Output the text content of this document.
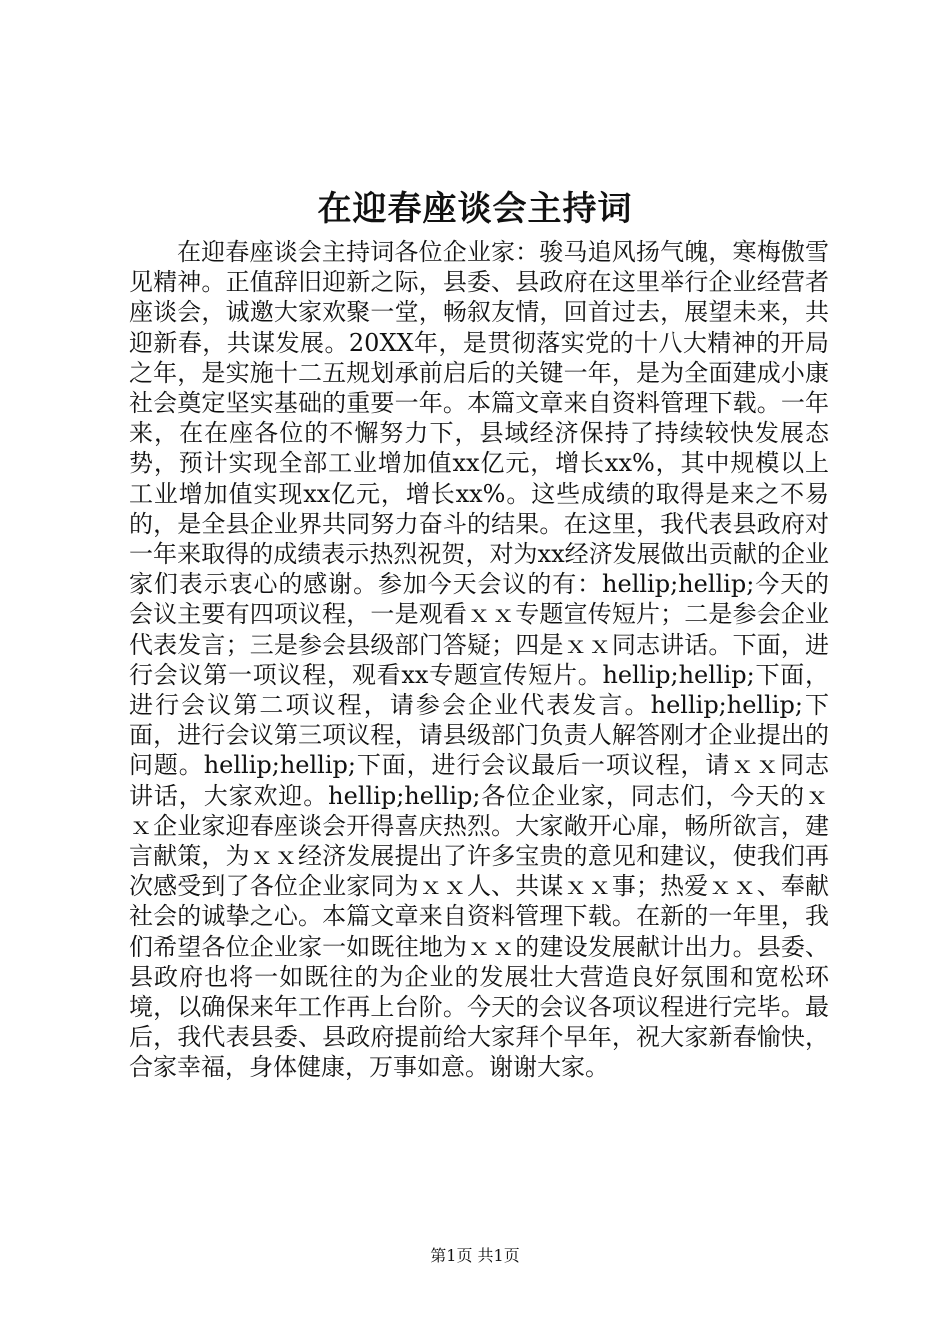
在迎春座谈会主持词

在迎春座谈会主持词各位企业家：骏马追风扬气魄，寒梅傲雪见精神。正值辞旧迎新之际，县委、县政府在这里举行企业经营者座谈会，诚邀大家欢聚一堂，畅叙友情，回首过去，展望未来，共迎新春，共谋发展。20XX年，是贯彻落实党的十八大精神的开局之年，是实施十二五规划承前启后的关键一年，是为全面建成小康社会奠定坚实基础的重要一年。本篇文章来自资料管理下载。一年来，在在座各位的不懈努力下，县域经济保持了持续较快发展态势，预计实现全部工业增加值xx亿元，增长xx%，其中规模以上工业增加值实现xx亿元，增长xx%。这些成绩的取得是来之不易的，是全县企业界共同努力奋斗的结果。在这里，我代表县政府对一年来取得的成绩表示热烈祝贺，对为xx经济发展做出贡献的企业家们表示衷心的感谢。参加今天会议的有：hellip;hellip;今天的会议主要有四项议程，一是观看ｘｘ专题宣传短片；二是参会企业代表发言；三是参会县级部门答疑；四是ｘｘ同志讲话。下面，进行会议第一项议程，观看xx专题宣传短片。hellip;hellip;下面，进行会议第二项议程，请参会企业代表发言。hellip;hellip;下面，进行会议第三项议程，请县级部门负责人解答刚才企业提出的问题。hellip;hellip;下面，进行会议最后一项议程，请ｘｘ同志讲话，大家欢迎。hellip;hellip;各位企业家，同志们，今天的ｘｘ企业家迎春座谈会开得喜庆热烈。大家敞开心扉，畅所欲言，建言献策，为ｘｘ经济发展提出了许多宝贵的意见和建议，使我们再次感受到了各位企业家同为ｘｘ人、共谋ｘｘ事；热爱ｘｘ、奉献社会的诚挚之心。本篇文章来自资料管理下载。在新的一年里，我们希望各位企业家一如既往地为ｘｘ的建设发展献计出力。县委、县政府也将一如既往的为企业的发展壮大营造良好氛围和宽松环境，以确保来年工作再上台阶。今天的会议各项议程进行完毕。最后，我代表县委、县政府提前给大家拜个早年，祝大家新春愉快，合家幸福，身体健康，万事如意。谢谢大家。

第1页 共1页
